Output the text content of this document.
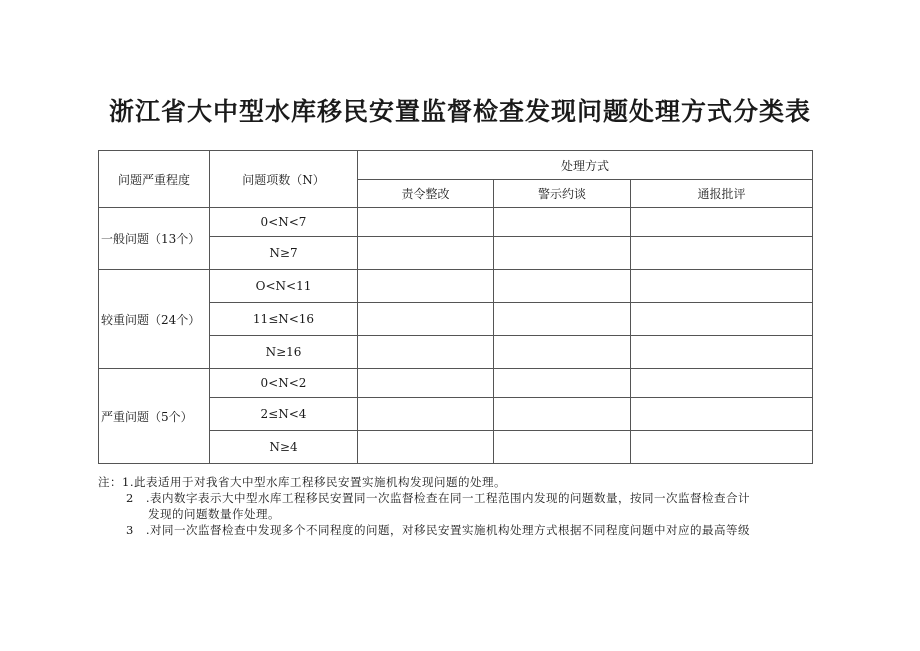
浙江省大中型水库移民安置监督检查发现问题处理方式分类表
问题严重程度	问题项数（N）	处理方式		
		责令整改	警示约谈	通报批评
一般问题（13个）	0<N<7			
	N≥7			
较重问题（24个）	O<N<11			
	11≤N<16			
	N≥16			
严重问题（5个）	0<N<2			
	2≤N<4			
	N≥4			
注：1.此表适用于对我省大中型水库工程移民安置实施机构发现问题的处理。
2　.表内数字表示大中型水库工程移民安置同一次监督检查在同一工程范围内发现的问题数量，按同一次监督检查合计
发现的问题数量作处理。
3　.对同一次监督检查中发现多个不同程度的问题，对移民安置实施机构处理方式根据不同程度问题中对应的最高等级
